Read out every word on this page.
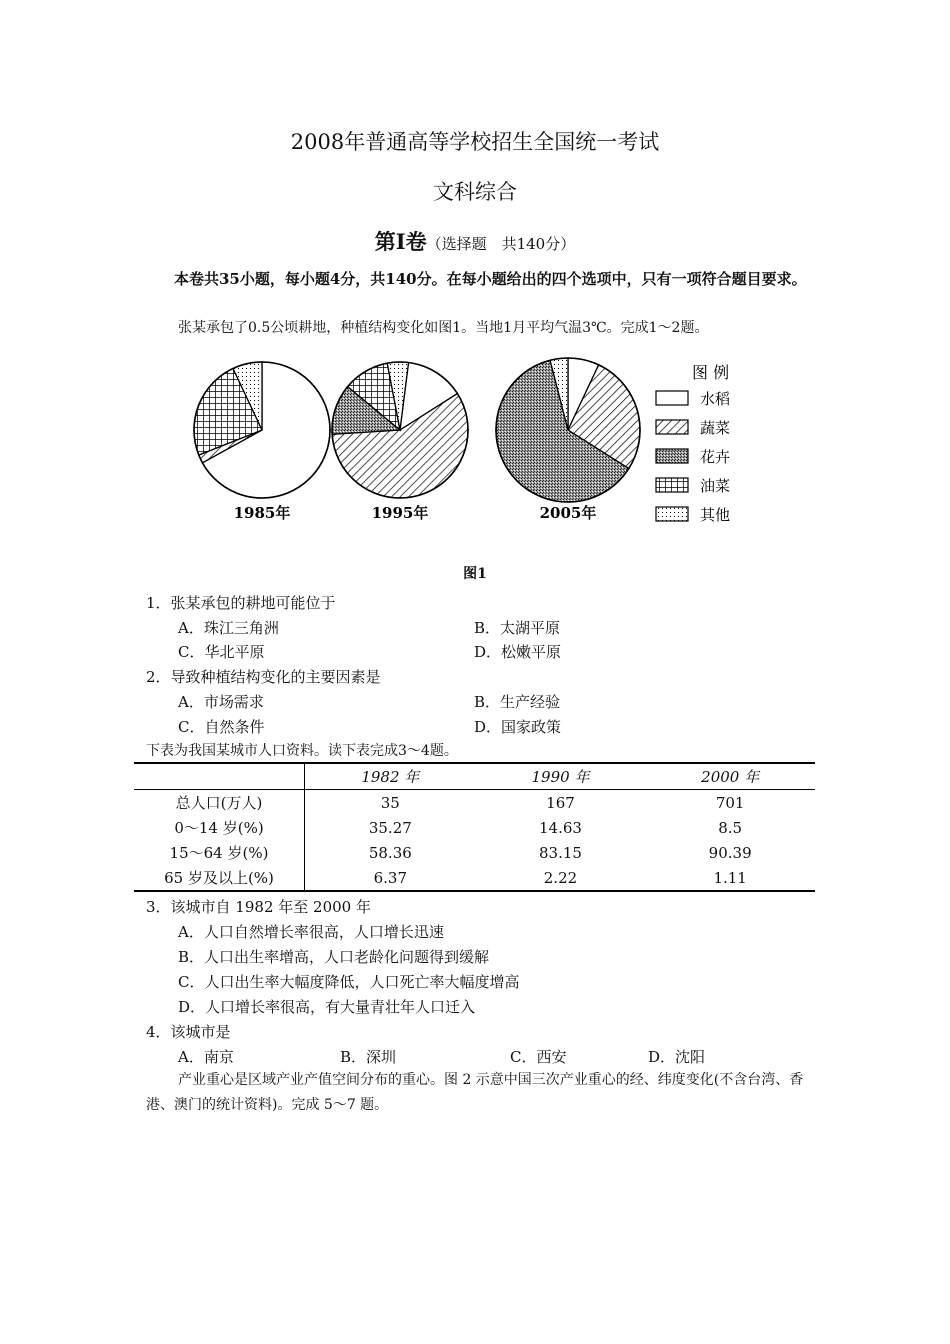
2008年普通高等学校招生全国统一考试
文科综合
第Ⅰ卷（选择题　共140分）
本卷共35小题，每小题4分，共140分。在每小题给出的四个选项中，只有一项符合题目要求。
张某承包了0.5公顷耕地，种植结构变化如图1。当地1月平均气温3℃。完成1～2题。
1985年	1995年	2005年
图 例
水稻
蔬菜
花卉
油菜
其他
图1
1．张某承包的耕地可能位于
A．珠江三角洲	B．太湖平原
C．华北平原	D．松嫩平原
2．导致种植结构变化的主要因素是
A．市场需求	B．生产经验
C．自然条件	D．国家政策
下表为我国某城市人口资料。读下表完成3～4题。
	1982 年	1990 年	2000 年
总人口(万人)	35	167	701
0～14 岁(%)	35.27	14.63	8.5
15～64 岁(%)	58.36	83.15	90.39
65 岁及以上(%)	6.37	2.22	1.11
3．该城市自 1982 年至 2000 年
A．人口自然增长率很高，人口增长迅速
B．人口出生率增高，人口老龄化问题得到缓解
C．人口出生率大幅度降低，人口死亡率大幅度增高
D．人口增长率很高，有大量青壮年人口迁入
4．该城市是
A．南京	B．深圳	C．西安	D．沈阳
产业重心是区域产业产值空间分布的重心。图 2 示意中国三次产业重心的经、纬度变化(不含台湾、香港、澳门的统计资料)。完成 5～7 题。
